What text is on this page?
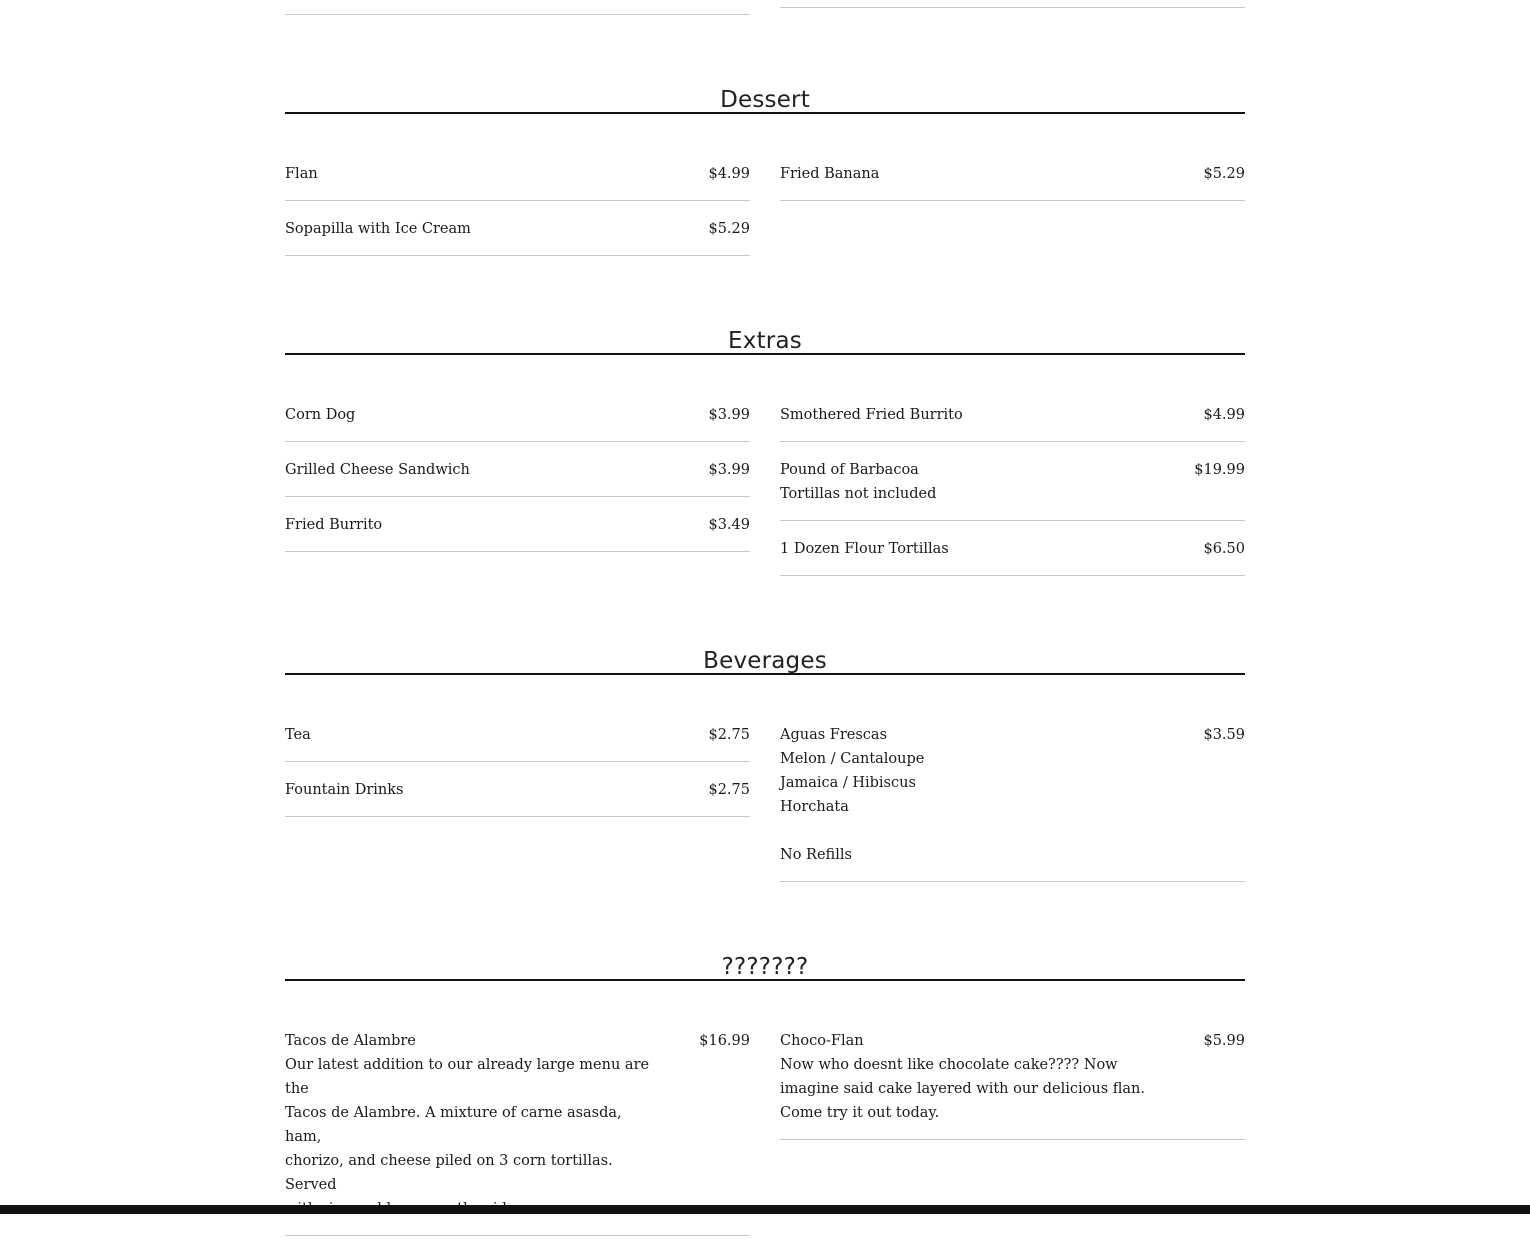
Dessert
Flan	$4.99
Sopapilla with Ice Cream	$5.29
Fried Banana	$5.29
Extras
Corn Dog	$3.99
Grilled Cheese Sandwich	$3.99
Fried Burrito	$3.49
Smothered Fried Burrito	$4.99
Pound of Barbacoa	$19.99
Tortillas not included
1 Dozen Flour Tortillas	$6.50
Beverages
Tea	$2.75
Fountain Drinks	$2.75
Aguas Frescas	$3.59
Melon / Cantaloupe
Jamaica / Hibiscus
Horchata
No Refills
???????
Tacos de Alambre	$16.99
Our latest addition to our already large menu are the
Tacos de Alambre. A mixture of carne asasda, ham,
chorizo, and cheese piled on 3 corn tortillas. Served
Choco-Flan	$5.99
Now who doesnt like chocolate cake???? Now
imagine said cake layered with our delicious flan.
Come try it out today.
